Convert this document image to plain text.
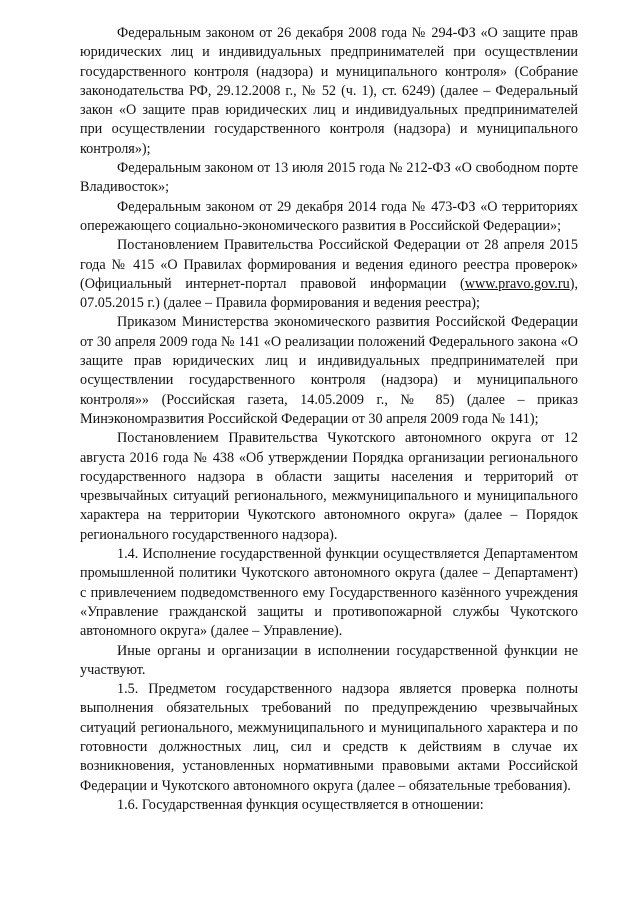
Федеральным законом от 26 декабря 2008 года № 294-ФЗ «О защите прав юридических лиц и индивидуальных предпринимателей при осуществлении государственного контроля (надзора) и муниципального контроля» (Собрание законодательства РФ, 29.12.2008 г., № 52 (ч. 1), ст. 6249) (далее – Федеральный закон «О защите прав юридических лиц и индивидуальных предпринимателей при осуществлении государственного контроля (надзора) и муниципального контроля»);

Федеральным законом от 13 июля 2015 года № 212-ФЗ «О свободном порте Владивосток»;

Федеральным законом от 29 декабря 2014 года № 473-ФЗ «О территориях опережающего социально-экономического развития в Российской Федерации»;

Постановлением Правительства Российской Федерации от 28 апреля 2015 года № 415 «О Правилах формирования и ведения единого реестра проверок» (Официальный интернет-портал правовой информации (www.pravo.gov.ru), 07.05.2015 г.) (далее – Правила формирования и ведения реестра);

Приказом Министерства экономического развития Российской Федерации от 30 апреля 2009 года № 141 «О реализации положений Федерального закона «О защите прав юридических лиц и индивидуальных предпринимателей при осуществлении государственного контроля (надзора) и муниципального контроля»» (Российская газета, 14.05.2009 г., № 85) (далее – приказ Минэкономразвития Российской Федерации от 30 апреля 2009 года № 141);

Постановлением Правительства Чукотского автономного округа от 12 августа 2016 года № 438 «Об утверждении Порядка организации регионального государственного надзора в области защиты населения и территорий от чрезвычайных ситуаций регионального, межмуниципального и муниципального характера на территории Чукотского автономного округа» (далее – Порядок регионального государственного надзора).

1.4. Исполнение государственной функции осуществляется Департаментом промышленной политики Чукотского автономного округа (далее – Департамент) с привлечением подведомственного ему Государственного казённого учреждения «Управление гражданской защиты и противопожарной службы Чукотского автономного округа» (далее – Управление).

Иные органы и организации в исполнении государственной функции не участвуют.

1.5. Предметом государственного надзора является проверка полноты выполнения обязательных требований по предупреждению чрезвычайных ситуаций регионального, межмуниципального и муниципального характера и по готовности должностных лиц, сил и средств к действиям в случае их возникновения, установленных нормативными правовыми актами Российской Федерации и Чукотского автономного округа (далее – обязательные требования).

1.6. Государственная функция осуществляется в отношении:
